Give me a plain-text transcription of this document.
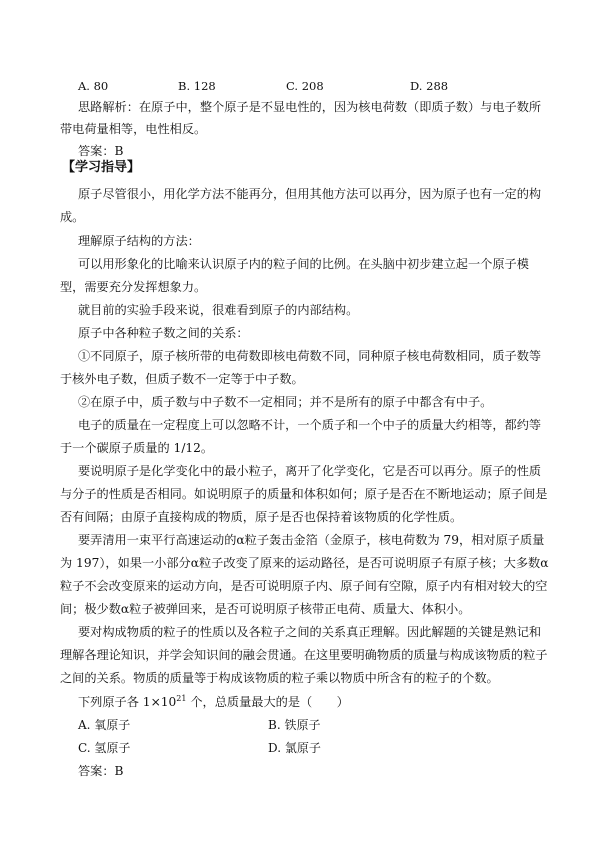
A. 80	B. 128	C. 208	D. 288
思路解析：在原子中，整个原子是不显电性的，因为核电荷数（即质子数）与电子数所
带电荷量相等，电性相反。
答案：B
【学习指导】
原子尽管很小，用化学方法不能再分，但用其他方法可以再分，因为原子也有一定的构
成。
理解原子结构的方法：
可以用形象化的比喻来认识原子内的粒子间的比例。在头脑中初步建立起一个原子模
型，需要充分发挥想象力。
就目前的实验手段来说，很难看到原子的内部结构。
原子中各种粒子数之间的关系：
①不同原子，原子核所带的电荷数即核电荷数不同，同种原子核电荷数相同，质子数等
于核外电子数，但质子数不一定等于中子数。
②在原子中，质子数与中子数不一定相同；并不是所有的原子中都含有中子。
电子的质量在一定程度上可以忽略不计，一个质子和一个中子的质量大约相等，都约等
于一个碳原子质量的 1/12。
要说明原子是化学变化中的最小粒子，离开了化学变化，它是否可以再分。原子的性质
与分子的性质是否相同。如说明原子的质量和体积如何；原子是否在不断地运动；原子间是
否有间隔；由原子直接构成的物质，原子是否也保持着该物质的化学性质。
要弄清用一束平行高速运动的α粒子轰击金箔（金原子，核电荷数为 79，相对原子质量
为 197），如果一小部分α粒子改变了原来的运动路径，是否可说明原子有原子核；大多数α
粒子不会改变原来的运动方向，是否可说明原子内、原子间有空隙，原子内有相对较大的空
间；极少数α粒子被弹回来，是否可说明原子核带正电荷、质量大、体积小。
要对构成物质的粒子的性质以及各粒子之间的关系真正理解。因此解题的关键是熟记和
理解各理论知识，并学会知识间的融会贯通。在这里要明确物质的质量与构成该物质的粒子
之间的关系。物质的质量等于构成该物质的粒子乘以物质中所含有的粒子的个数。
下列原子各 $1\times 10^{21}$ 个，总质量最大的是（　　）
A. 氧原子	B. 铁原子
C. 氢原子	D. 氯原子
答案：B
